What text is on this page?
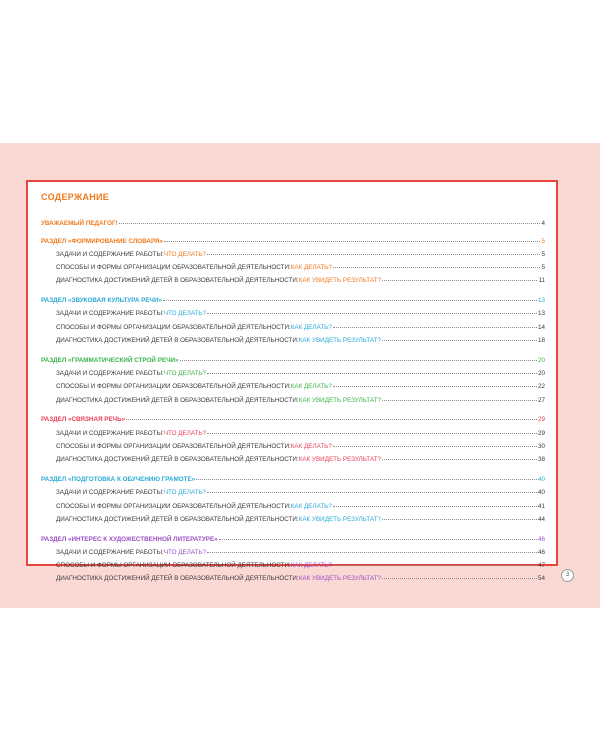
СОДЕРЖАНИЕ
УВАЖАЕМЫЙ ПЕДАГОГ!	4
РАЗДЕЛ «ФОРМИРОВАНИЕ СЛОВАРЯ»	5
ЗАДАЧИ И СОДЕРЖАНИЕ РАБОТЫ: ЧТО ДЕЛАТЬ?	5
СПОСОБЫ И ФОРМЫ ОРГАНИЗАЦИИ ОБРАЗОВАТЕЛЬНОЙ ДЕЯТЕЛЬНОСТИ: КАК ДЕЛАТЬ?	5
ДИАГНОСТИКА ДОСТИЖЕНИЙ ДЕТЕЙ В ОБРАЗОВАТЕЛЬНОЙ ДЕЯТЕЛЬНОСТИ: КАК УВИДЕТЬ РЕЗУЛЬТАТ?	11
РАЗДЕЛ «ЗВУКОВАЯ КУЛЬТУРА РЕЧИ»	13
ЗАДАЧИ И СОДЕРЖАНИЕ РАБОТЫ: ЧТО ДЕЛАТЬ?	13
СПОСОБЫ И ФОРМЫ ОРГАНИЗАЦИИ ОБРАЗОВАТЕЛЬНОЙ ДЕЯТЕЛЬНОСТИ: КАК ДЕЛАТЬ?	14
ДИАГНОСТИКА ДОСТИЖЕНИЙ ДЕТЕЙ В ОБРАЗОВАТЕЛЬНОЙ ДЕЯТЕЛЬНОСТИ: КАК УВИДЕТЬ РЕЗУЛЬТАТ?	18
РАЗДЕЛ «ГРАММАТИЧЕСКИЙ СТРОЙ РЕЧИ»	20
ЗАДАЧИ И СОДЕРЖАНИЕ РАБОТЫ: ЧТО ДЕЛАТЬ?	20
СПОСОБЫ И ФОРМЫ ОРГАНИЗАЦИИ ОБРАЗОВАТЕЛЬНОЙ ДЕЯТЕЛЬНОСТИ: КАК ДЕЛАТЬ?	22
ДИАГНОСТИКА ДОСТИЖЕНИЙ ДЕТЕЙ В ОБРАЗОВАТЕЛЬНОЙ ДЕЯТЕЛЬНОСТИ: КАК УВИДЕТЬ РЕЗУЛЬТАТ?	27
РАЗДЕЛ «СВЯЗНАЯ РЕЧЬ»	29
ЗАДАЧИ И СОДЕРЖАНИЕ РАБОТЫ: ЧТО ДЕЛАТЬ?	29
СПОСОБЫ И ФОРМЫ ОРГАНИЗАЦИИ ОБРАЗОВАТЕЛЬНОЙ ДЕЯТЕЛЬНОСТИ: КАК ДЕЛАТЬ?	30
ДИАГНОСТИКА ДОСТИЖЕНИЙ ДЕТЕЙ В ОБРАЗОВАТЕЛЬНОЙ ДЕЯТЕЛЬНОСТИ: КАК УВИДЕТЬ РЕЗУЛЬТАТ?	38
РАЗДЕЛ «ПОДГОТОВКА К ОБУЧЕНИЮ ГРАМОТЕ»	40
ЗАДАЧИ И СОДЕРЖАНИЕ РАБОТЫ: ЧТО ДЕЛАТЬ?	40
СПОСОБЫ И ФОРМЫ ОРГАНИЗАЦИИ ОБРАЗОВАТЕЛЬНОЙ ДЕЯТЕЛЬНОСТИ: КАК ДЕЛАТЬ?	41
ДИАГНОСТИКА ДОСТИЖЕНИЙ ДЕТЕЙ В ОБРАЗОВАТЕЛЬНОЙ ДЕЯТЕЛЬНОСТИ: КАК УВИДЕТЬ РЕЗУЛЬТАТ?	44
РАЗДЕЛ «ИНТЕРЕС К ХУДОЖЕСТВЕННОЙ ЛИТЕРАТУРЕ»	46
ЗАДАЧИ И СОДЕРЖАНИЕ РАБОТЫ: ЧТО ДЕЛАТЬ?	46
СПОСОБЫ И ФОРМЫ ОРГАНИЗАЦИИ ОБРАЗОВАТЕЛЬНОЙ ДЕЯТЕЛЬНОСТИ: КАК ДЕЛАТЬ?	47
ДИАГНОСТИКА ДОСТИЖЕНИЙ ДЕТЕЙ В ОБРАЗОВАТЕЛЬНОЙ ДЕЯТЕЛЬНОСТИ: КАК УВИДЕТЬ РЕЗУЛЬТАТ?	54
3
